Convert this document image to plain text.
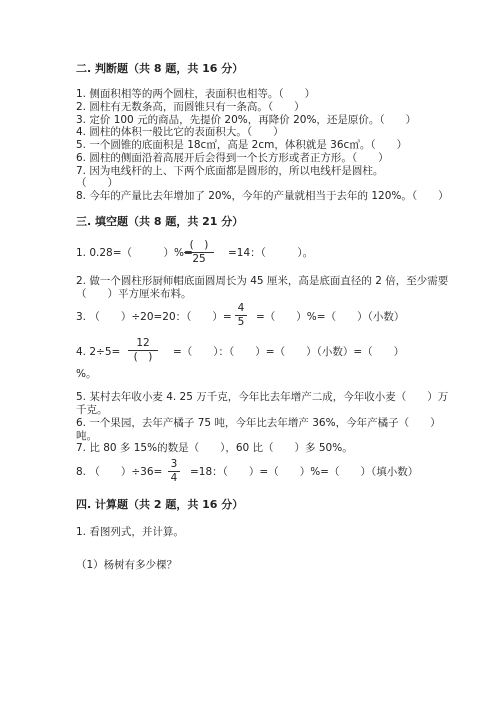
二. 判断题（共 8 题，共 16 分）
1. 侧面积相等的两个圆柱，表面积也相等。（　　）
2. 圆柱有无数条高，而圆锥只有一条高。（　　）
3. 定价 100 元的商品，先提价 20%，再降价 20%，还是原价。（　　）
4. 圆柱的体积一般比它的表面积大。（　　）
5. 一个圆锥的底面积是 18c㎡，高是 2cm，体积就是 36c㎥。（　　）
6. 圆柱的侧面沿着高展开后会得到一个长方形或者正方形。（　　）
7. 因为电线杆的上、下两个底面都是圆形的，所以电线杆是圆柱。
（　　）
8. 今年的产量比去年增加了 20%，今年的产量就相当于去年的 120%。（　　）
三. 填空题（共 8 题，共 21 分）
1. 0.28=（　　　）%=
(　)
25	=14：（　　　）。
2. 做一个圆柱形厨师帽底面圆周长为 45 厘米，高是底面直径的 2 倍，至少需要
（　　）平方厘米布料。
3. （　　）÷20=20：（　　）=
4
5 =（　　）%=（　　）（小数）
4. 2÷5=
12
(　)	=（　　）：（　　）=（　　）（小数）=（　　）
%。
5. 某村去年收小麦 4. 25 万千克，今年比去年增产二成，今年收小麦（　　）万
千克。
6. 一个果园，去年产橘子 75 吨，今年比去年增产 36%，今年产橘子（　　）
吨。
7. 比 80 多 15%的数是（　　），60 比（　　）多 50%。
8. （　　）÷36=
3
4 =18：（　　）=（　　）%=（　　）（填小数）
四. 计算题（共 2 题，共 16 分）
1. 看图列式，并计算。
（1）杨树有多少棵？
